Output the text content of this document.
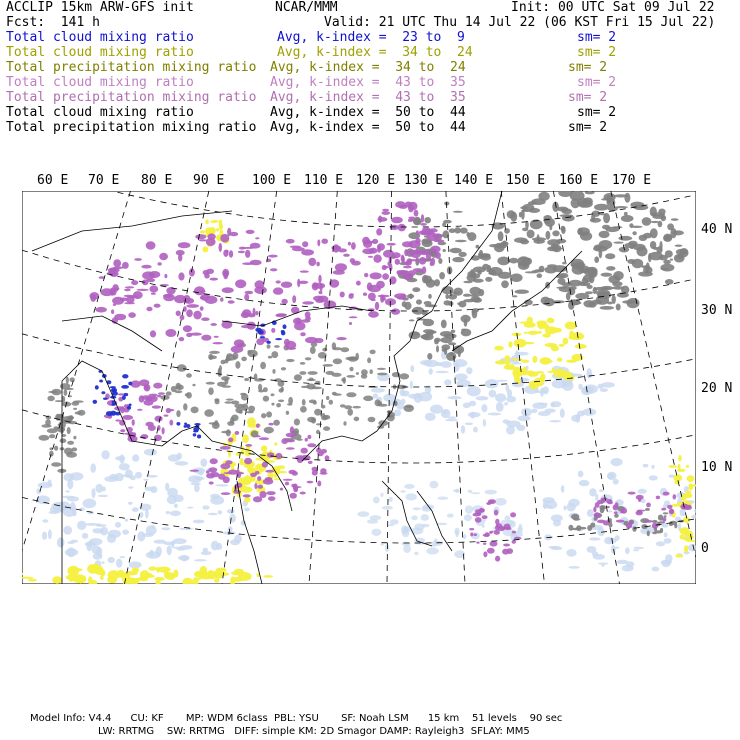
ACCLIP 15km ARW-GFS init	NCAR/MMM	Init: 00 UTC Sat 09 Jul 22
Fcst:  141 h	Valid: 21 UTC Thu 14 Jul 22 (06 KST Fri 15 Jul 22)
Total cloud mixing ratio	Avg, k-index =  23 to  9	sm= 2
Total cloud mixing ratio	Avg, k-index =  34 to  24	sm= 2
Total precipitation mixing ratio Avg, k-index =  34 to  24	sm= 2
Total cloud mixing ratio	Avg, k-index =  43 to  35	sm= 2
Total precipitation mixing ratio Avg, k-index =  43 to  35	sm= 2
Total cloud mixing ratio	Avg, k-index =  50 to  44	sm= 2
Total precipitation mixing ratio Avg, k-index =  50 to  44	sm= 2
60 E 70 E 80 E 90 E 100 E 110 E 120 E 130 E 140 E 150 E 160 E 170 E
40 N
30 N
20 N
10 N
0
Model Info: V4.4      CU: KF       MP: WDM 6class  PBL: YSU       SF: Noah LSM      15 km    51 levels    90 sec
LW: RRTMG    SW: RRTMG   DIFF: simple KM: 2D Smagor DAMP: Rayleigh3  SFLAY: MM5
